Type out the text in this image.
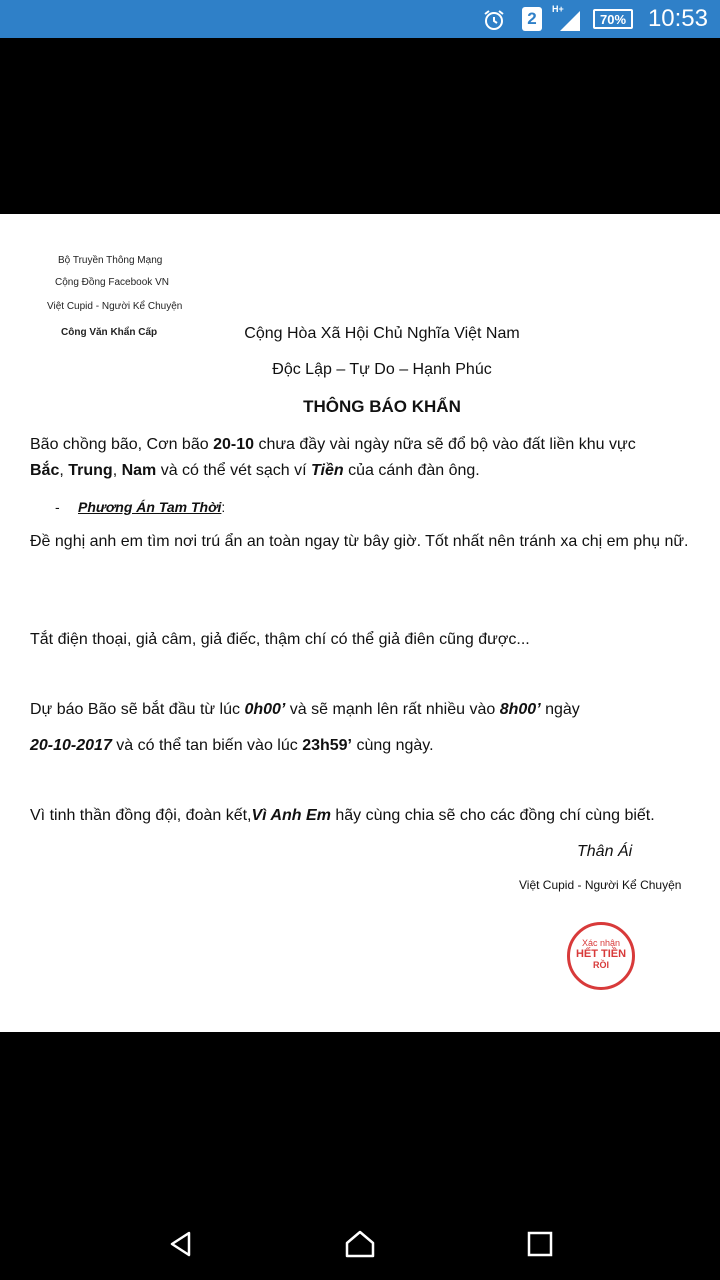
2 H+
70% 10:53
Bộ Truyền Thông Mạng
Cộng Đồng Facebook VN
Việt Cupid - Người Kể Chuyện
Công Văn Khẩn Cấp	Cộng Hòa Xã Hội Chủ Nghĩa Việt Nam
Độc Lập – Tự Do – Hạnh Phúc
THÔNG BÁO KHẨN
Bão chồng bão, Cơn bão 20-10 chưa đầy vài ngày nữa sẽ đổ bộ vào đất liền khu vực
Bắc, Trung, Nam và có thể vét sạch ví Tiền của cánh đàn ông.
- Phương Án Tam Thời:
Đề nghị anh em tìm nơi trú ẩn an toàn ngay từ bây giờ. Tốt nhất nên tránh xa chị em phụ nữ.
Tắt điện thoại, giả câm, giả điếc, thậm chí có thể giả điên cũng được...
Dự báo Bão sẽ bắt đầu từ lúc 0h00’ và sẽ mạnh lên rất nhiều vào 8h00’ ngày
20-10-2017 và có thể tan biến vào lúc 23h59’ cùng ngày.
Vì tinh thần đồng đội, đoàn kết,Vì Anh Em hãy cùng chia sẽ cho các đồng chí cùng biết.
Thân Ái
Việt Cupid - Người Kể Chuyện
Xác nhận
HẾT TIỀN
RỒI
